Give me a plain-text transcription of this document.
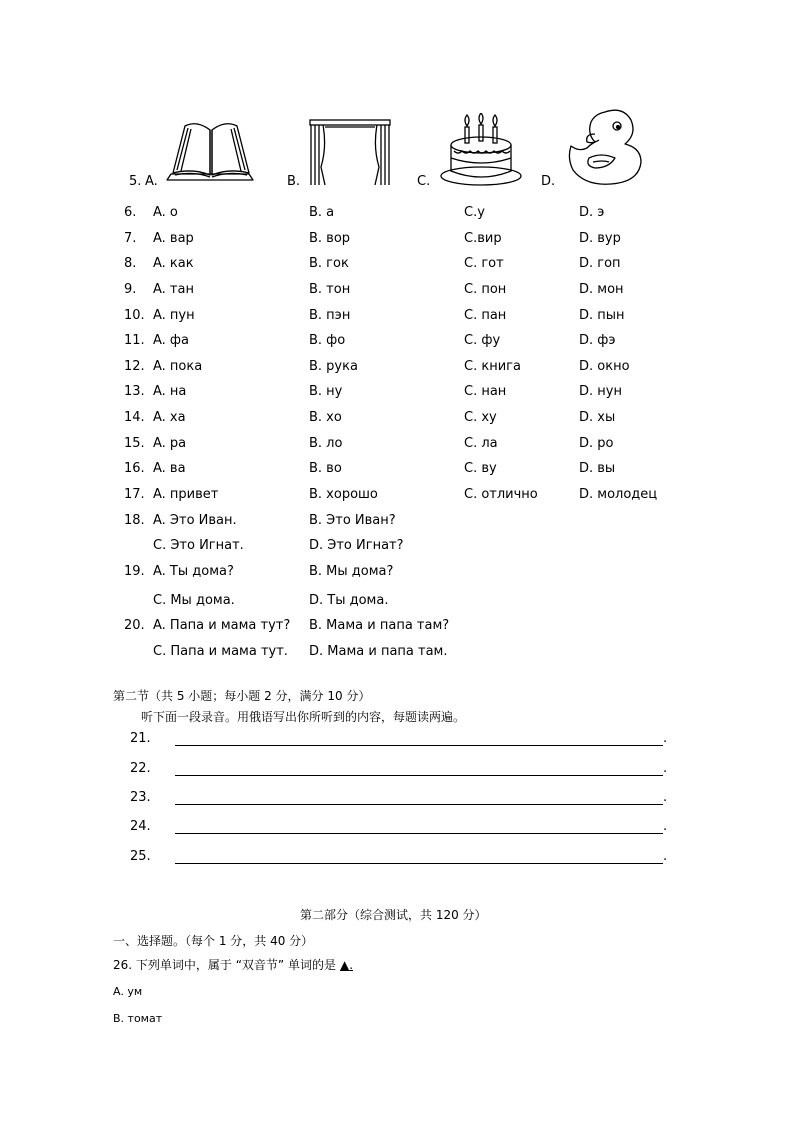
5. A.	B.	C.	D.
6. A. о	B. а	C.у	D. э
7. A. вар	B. вор	C.вир	D. вур
8. A. как	B. гок	C. гот	D. гоп
9. A. тан	B. тон	C. пон	D. мон
10. A. пун	B. пэн	C. пан	D. пын
11. A. фа	B. фо	C. фу	D. фэ
12. A. пока	B. рука	C. книга	D. окно
13. A. на	B. ну	C. нан	D. нун
14. A. ха	B. хо	C. ху	D. хы
15. A. ра	B. ло	C. ла	D. ро
16. A. ва	B. во	C. ву	D. вы
17. A. привет	B. хорошо	C. отлично	D. молодец
18. A. Это Иван.	B. Это Иван?
C. Это Игнат.	D. Это Игнат?
19. A. Ты дома?	B. Мы дома?
C. Мы дома.	D. Ты дома.
20. A. Папа и мама тут? B. Мама и папа там?
C. Папа и мама тут. D. Мама и папа там.
第二节（共 5 小题；每小题 2 分，满分 10 分）
听下面一段录音。用俄语写出你所听到的内容，每题读两遍。
21.	.
22.	.
23.	.
24.	.
25.	.
第二部分（综合测试，共 120 分）
一、选择题。（每个 1 分，共 40 分）
26. 下列单词中，属于 “双音节” 单词的是 ▲.
A. ум
B. томат
